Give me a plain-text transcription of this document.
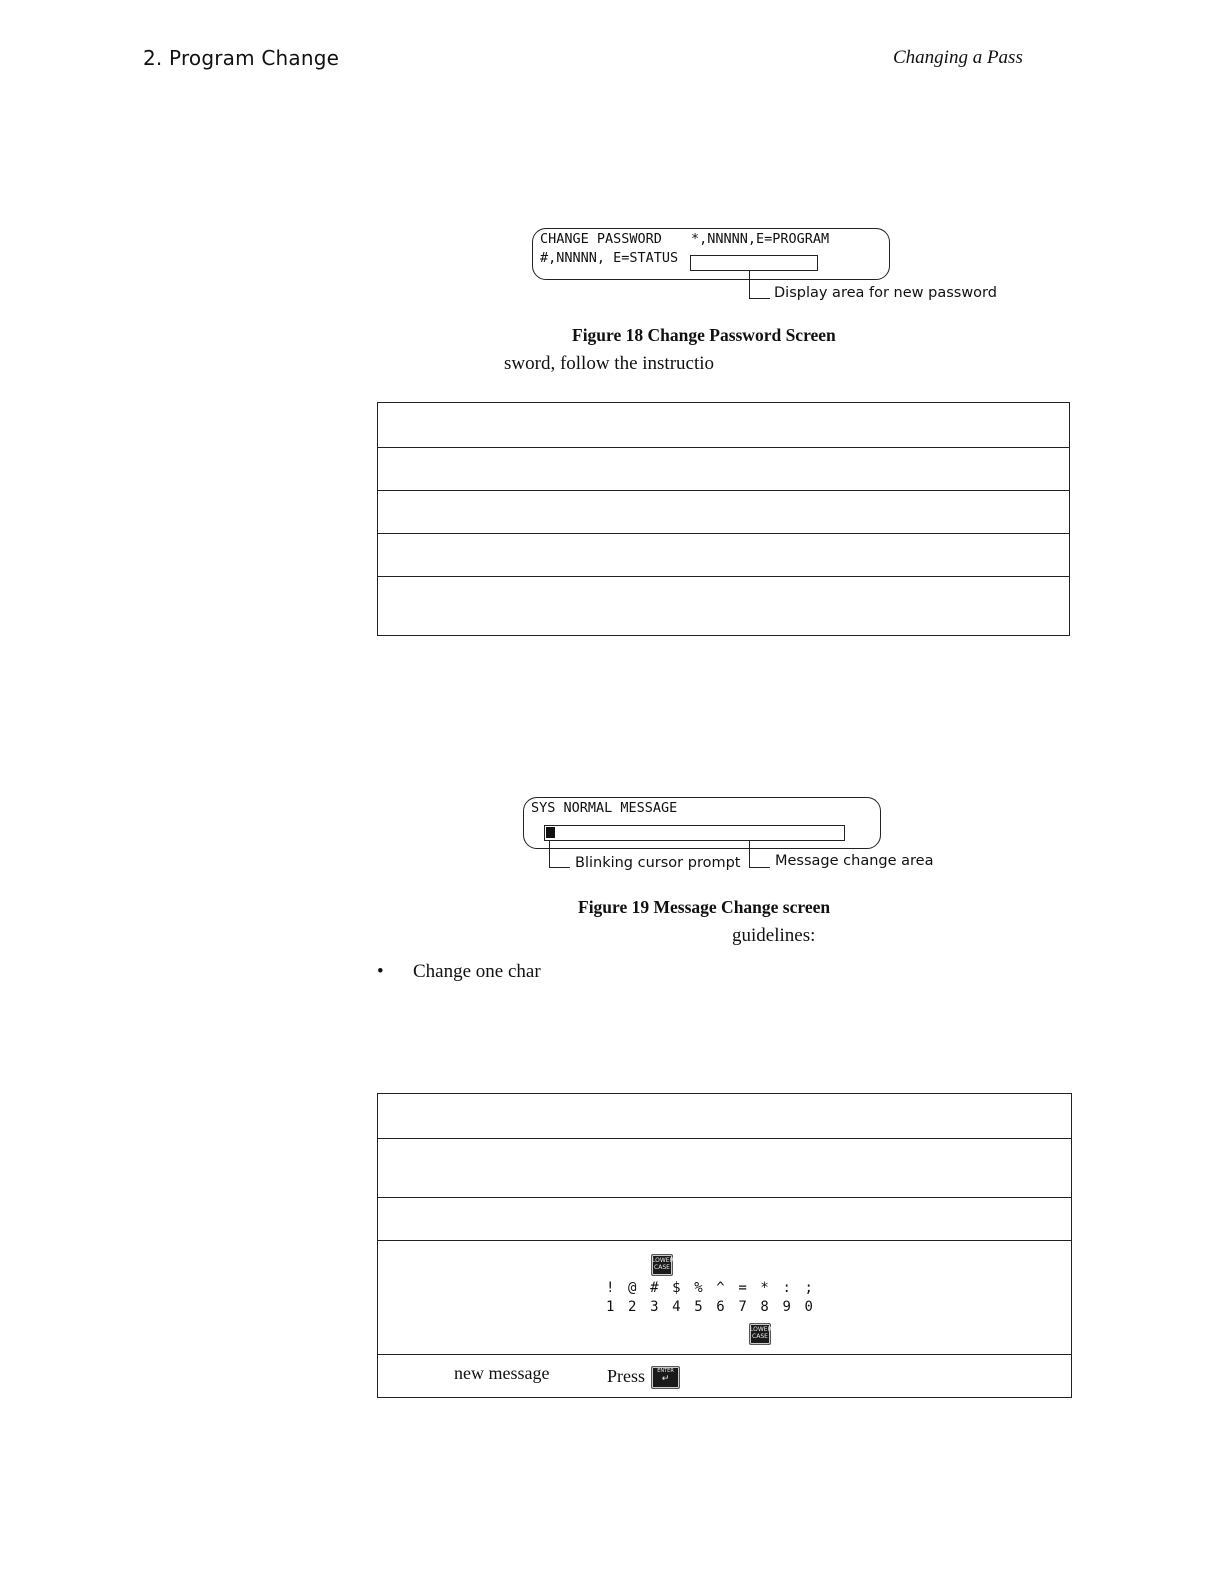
2. Program Change	Changing a Pass
CHANGE PASSWORD *,NNNNN,E=PROGRAM
#,NNNNN, E=STATUS
Display area for new password
Figure 18 Change Password Screen
sword, follow the instructio

SYS NORMAL MESSAGE
Blinking cursor prompt Message change area
Figure 19 Message Change screen
guidelines:
• Change one char

LOWER CASE
! @ # $ % ^ = * : ;
1 2 3 4 5 6 7 8 9 0
LOWER CASE
new message	Press	ENTER
↵
